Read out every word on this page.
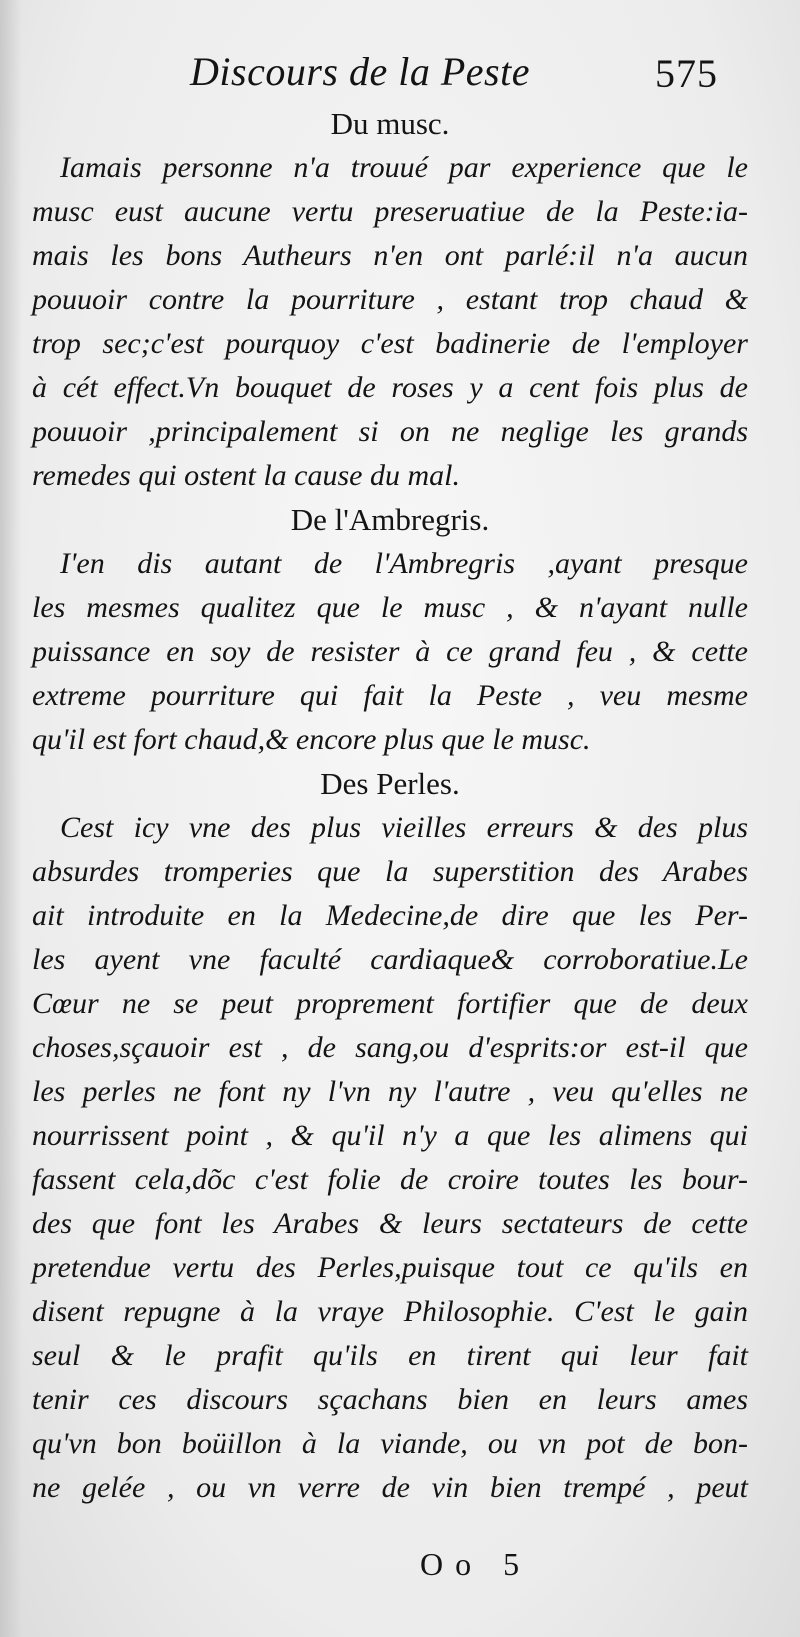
Discours de la Peste	575
Du musc.
Iamais personne n'a trouué par experience que le
musc eust aucune vertu preseruatiue de la Peste:ia-
mais les bons Autheurs n'en ont parlé:il n'a aucun
pouuoir contre la pourriture , estant trop chaud &
trop sec;c'est pourquoy c'est badinerie de l'employer
à cét effect.Vn bouquet de roses y a cent fois plus de
pouuoir ,principalement si on ne neglige les grands
remedes qui ostent la cause du mal.
De l'Ambregris.
I'en dis autant de l'Ambregris ,ayant presque
les mesmes qualitez que le musc , & n'ayant nulle
puissance en soy de resister à ce grand feu , & cette
extreme pourriture qui fait la Peste , veu mesme
qu'il est fort chaud,& encore plus que le musc.
Des Perles.
Cest icy vne des plus vieilles erreurs & des plus
absurdes tromperies que la superstition des Arabes
ait introduite en la Medecine,de dire que les Per-
les ayent vne faculté cardiaque& corroboratiue.Le
Cœur ne se peut proprement fortifier que de deux
choses,sçauoir est , de sang,ou d'esprits:or est-il que
les perles ne font ny l'vn ny l'autre , veu qu'elles ne
nourrissent point , & qu'il n'y a que les alimens qui
fassent cela,dõc c'est folie de croire toutes les bour-
des que font les Arabes & leurs sectateurs de cette
pretendue vertu des Perles,puisque tout ce qu'ils en
disent repugne à la vraye Philosophie. C'est le gain
seul & le prafit qu'ils en tirent qui leur fait
tenir ces discours sçachans bien en leurs ames
qu'vn bon boüillon à la viande, ou vn pot de bon-
ne gelée , ou vn verre de vin bien trempé , peut
Oo 5
